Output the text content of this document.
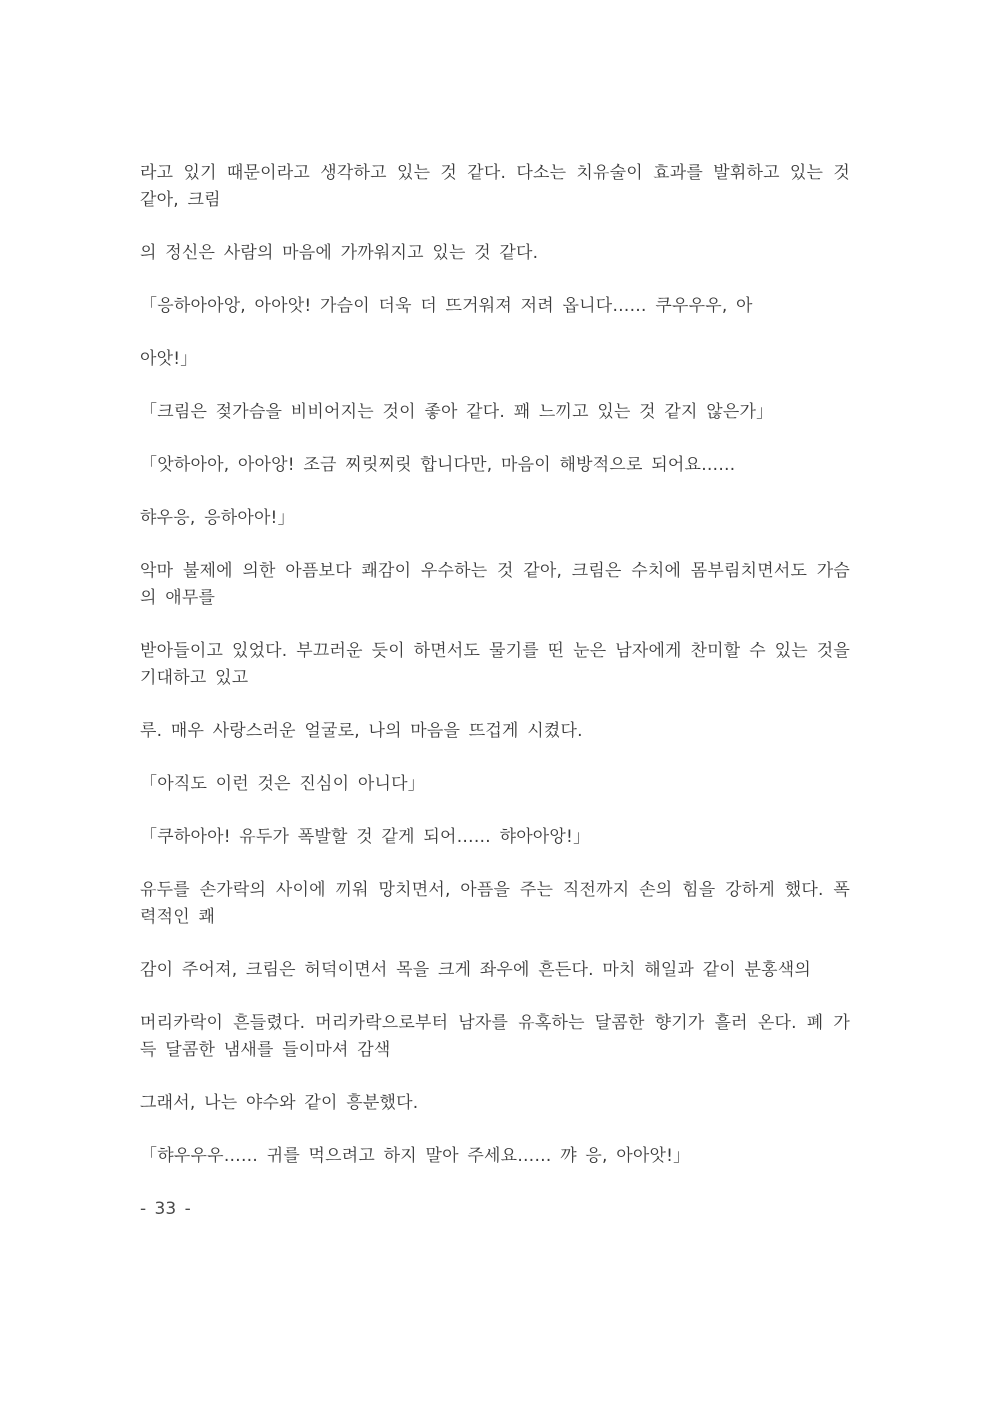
라고 있기 때문이라고 생각하고 있는 것 같다. 다소는 치유술이 효과를 발휘하고 있는 것 같아, 크림

의 정신은 사람의 마음에 가까워지고 있는 것 같다.

「응하아아앙, 아아앗! 가슴이 더욱 더 뜨거워져 저려 옵니다…… 쿠우우우, 아

아앗!」

「크림은 젖가슴을 비비어지는 것이 좋아 같다. 꽤 느끼고 있는 것 같지 않은가」

「앗하아아, 아아앙! 조금 찌릿찌릿 합니다만, 마음이 해방적으로 되어요……

햐우응, 응하아아!」

악마 불제에 의한 아픔보다 쾌감이 우수하는 것 같아, 크림은 수치에 몸부림치면서도 가슴의 애무를

받아들이고 있었다. 부끄러운 듯이 하면서도 물기를 띤 눈은 남자에게 찬미할 수 있는 것을 기대하고 있고

루. 매우 사랑스러운 얼굴로, 나의 마음을 뜨겁게 시켰다.

「아직도 이런 것은 진심이 아니다」

「쿠하아아! 유두가 폭발할 것 같게 되어…… 햐아아앙!」

유두를 손가락의 사이에 끼워 망치면서, 아픔을 주는 직전까지 손의 힘을 강하게 했다. 폭력적인 쾌

감이 주어져, 크림은 허덕이면서 목을 크게 좌우에 흔든다. 마치 해일과 같이 분홍색의

머리카락이 흔들렸다. 머리카락으로부터 남자를 유혹하는 달콤한 향기가 흘러 온다. 폐 가득 달콤한 냄새를 들이마셔 감색

그래서, 나는 야수와 같이 흥분했다.

「햐우우우…… 귀를 먹으려고 하지 말아 주세요…… 꺄 응, 아아앗!」

- 33 -
